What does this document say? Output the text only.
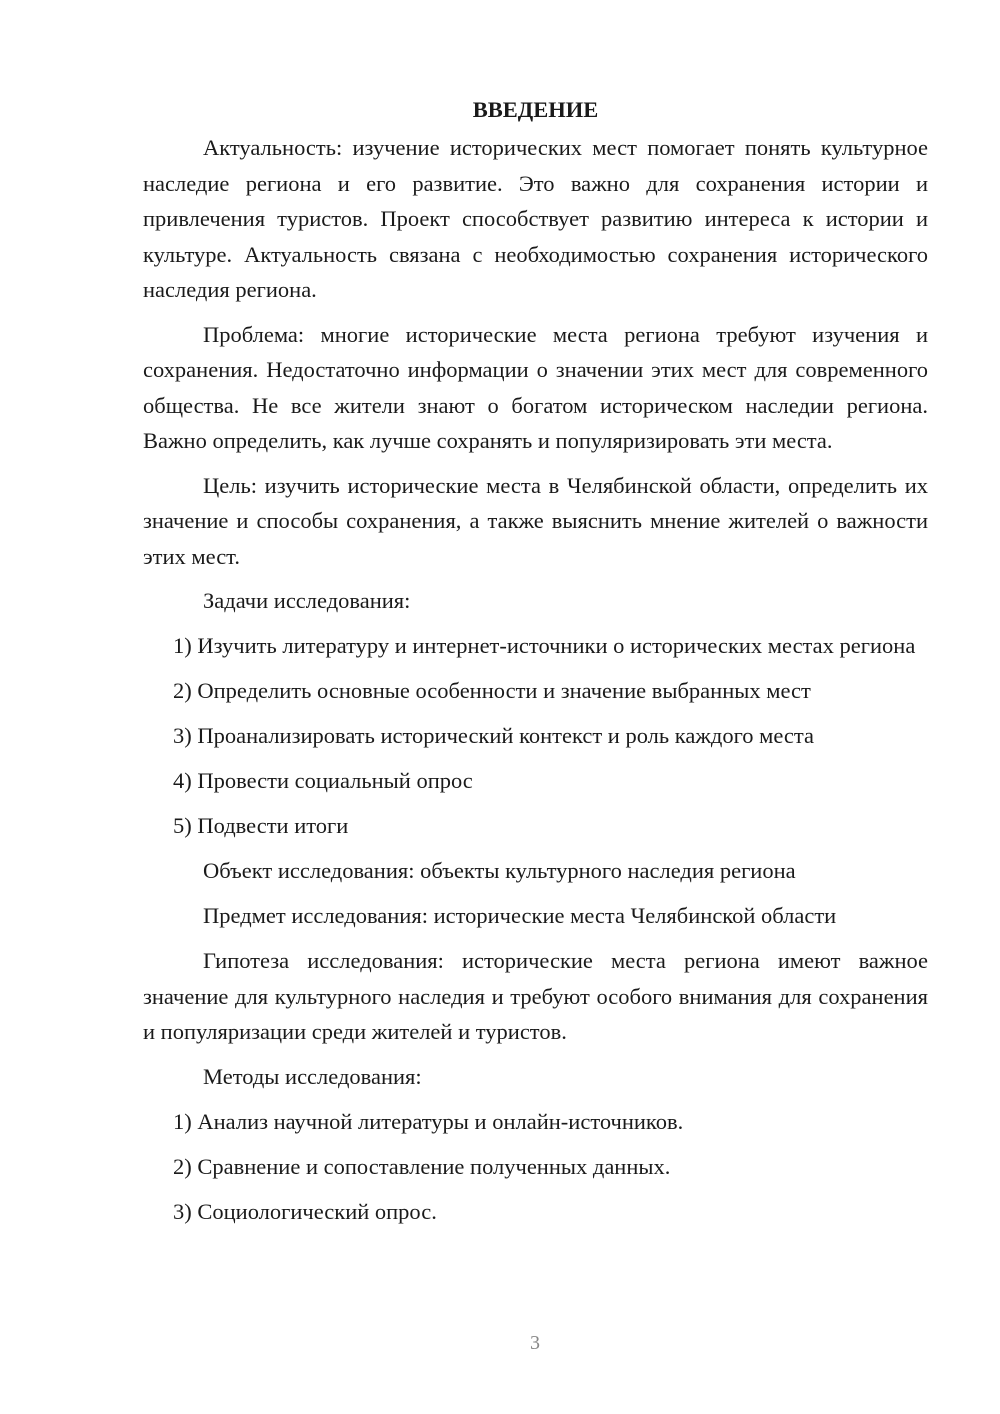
ВВЕДЕНИЕ

Актуальность: изучение исторических мест помогает понять культурное наследие региона и его развитие. Это важно для сохранения истории и привлечения туристов. Проект способствует развитию интереса к истории и культуре. Актуальность связана с необходимостью сохранения исторического наследия региона.

Проблема: многие исторические места региона требуют изучения и сохранения. Недостаточно информации о значении этих мест для современного общества. Не все жители знают о богатом историческом наследии региона. Важно определить, как лучше сохранять и популяризировать эти места.

Цель: изучить исторические места в Челябинской области, определить их значение и способы сохранения, а также выяснить мнение жителей о важности этих мест.

Задачи исследования:

1) Изучить литературу и интернет-источники о исторических местах региона

2) Определить основные особенности и значение выбранных мест

3) Проанализировать исторический контекст и роль каждого места

4) Провести социальный опрос

5) Подвести итоги

Объект исследования: объекты культурного наследия региона

Предмет исследования: исторические места Челябинской области

Гипотеза исследования: исторические места региона имеют важное значение для культурного наследия и требуют особого внимания для сохранения и популяризации среди жителей и туристов.

Методы исследования:

1) Анализ научной литературы и онлайн-источников.

2) Сравнение и сопоставление полученных данных.

3) Социологический опрос.

3
